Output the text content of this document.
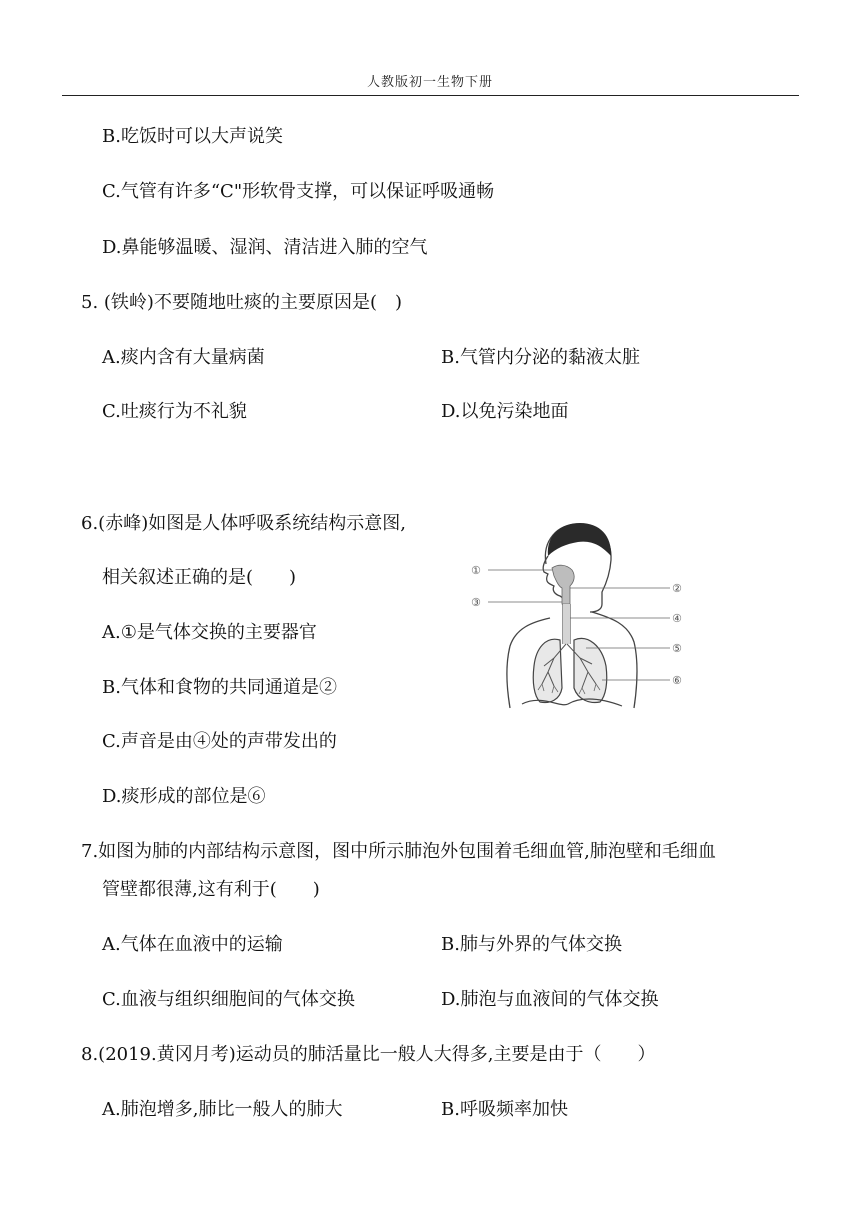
人教版初一生物下册
B.吃饭时可以大声说笑
C.气管有许多“C"形软骨支撑，可以保证呼吸通畅
D.鼻能够温暖、湿润、清洁进入肺的空气
5. (铁岭)不要随地吐痰的主要原因是(　)
A.痰内含有大量病菌	B.气管内分泌的黏液太脏
C.吐痰行为不礼貌	D.以免污染地面
6.(赤峰)如图是人体呼吸系统结构示意图,
相关叙述正确的是(　　)
A.①是气体交换的主要器官
B.气体和食物的共同通道是②
C.声音是由④处的声带发出的
D.痰形成的部位是⑥
①
②
③
④
⑤
⑥
7.如图为肺的内部结构示意图，图中所示肺泡外包围着毛细血管,肺泡壁和毛细血
管壁都很薄,这有利于(　　)
A.气体在血液中的运输	B.肺与外界的气体交换
C.血液与组织细胞间的气体交换	D.肺泡与血液间的气体交换
8.(2019.黄冈月考)运动员的肺活量比一般人大得多,主要是由于（　　）
A.肺泡增多,肺比一般人的肺大	B.呼吸频率加快
